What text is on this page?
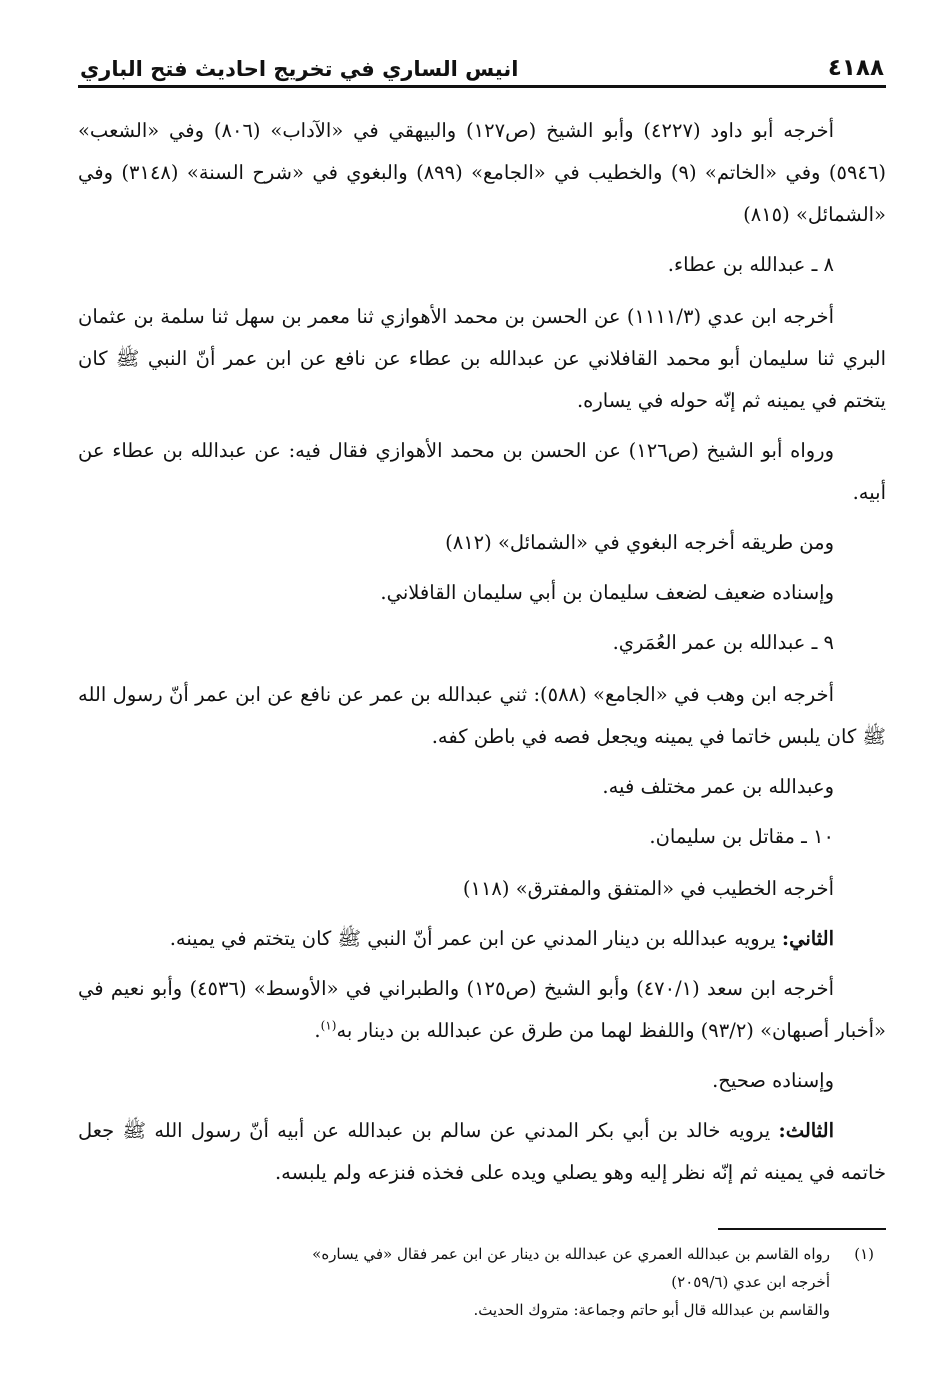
٤١٨٨
انيس الساري في تخريج احاديث فتح الباري

أخرجه أبو داود (٤٢٢٧) وأبو الشيخ (ص١٢٧) والبيهقي في «الآداب» (٨٠٦) وفي «الشعب» (٥٩٤٦) وفي «الخاتم» (٩) والخطيب في «الجامع» (٨٩٩) والبغوي في «شرح السنة» (٣١٤٨) وفي «الشمائل» (٨١٥)

٨ ـ عبدالله بن عطاء.

أخرجه ابن عدي (١١١١/٣) عن الحسن بن محمد الأهوازي ثنا معمر بن سهل ثنا سلمة بن عثمان البري ثنا سليمان أبو محمد القافلاني عن عبدالله بن عطاء عن نافع عن ابن عمر أنّ النبي ﷺ كان يتختم في يمينه ثم إنّه حوله في يساره.

ورواه أبو الشيخ (ص١٢٦) عن الحسن بن محمد الأهوازي فقال فيه: عن عبدالله بن عطاء عن أبيه.

ومن طريقه أخرجه البغوي في «الشمائل» (٨١٢)

وإسناده ضعيف لضعف سليمان بن أبي سليمان القافلاني.

٩ ـ عبدالله بن عمر العُمَري.

أخرجه ابن وهب في «الجامع» (٥٨٨): ثني عبدالله بن عمر عن نافع عن ابن عمر أنّ رسول الله ﷺ كان يلبس خاتما في يمينه ويجعل فصه في باطن كفه.

وعبدالله بن عمر مختلف فيه.

١٠ ـ مقاتل بن سليمان.

أخرجه الخطيب في «المتفق والمفترق» (١١٨)

الثاني: يرويه عبدالله بن دينار المدني عن ابن عمر أنّ النبي ﷺ كان يتختم في يمينه.

أخرجه ابن سعد (٤٧٠/١) وأبو الشيخ (ص١٢٥) والطبراني في «الأوسط» (٤٥٣٦) وأبو نعيم في «أخبار أصبهان» (٩٣/٢) واللفظ لهما من طرق عن عبدالله بن دينار به$^{(١)}$.

وإسناده صحيح.

الثالث: يرويه خالد بن أبي بكر المدني عن سالم بن عبدالله عن أبيه أنّ رسول الله ﷺ جعل خاتمه في يمينه ثم إنّه نظر إليه وهو يصلي ويده على فخذه فنزعه ولم يلبسه.

(١)
رواه القاسم بن عبدالله العمري عن عبدالله بن دينار عن ابن عمر فقال «في يساره»
أخرجه ابن عدي (٢٠٥٩/٦)
والقاسم بن عبدالله قال أبو حاتم وجماعة: متروك الحديث.
